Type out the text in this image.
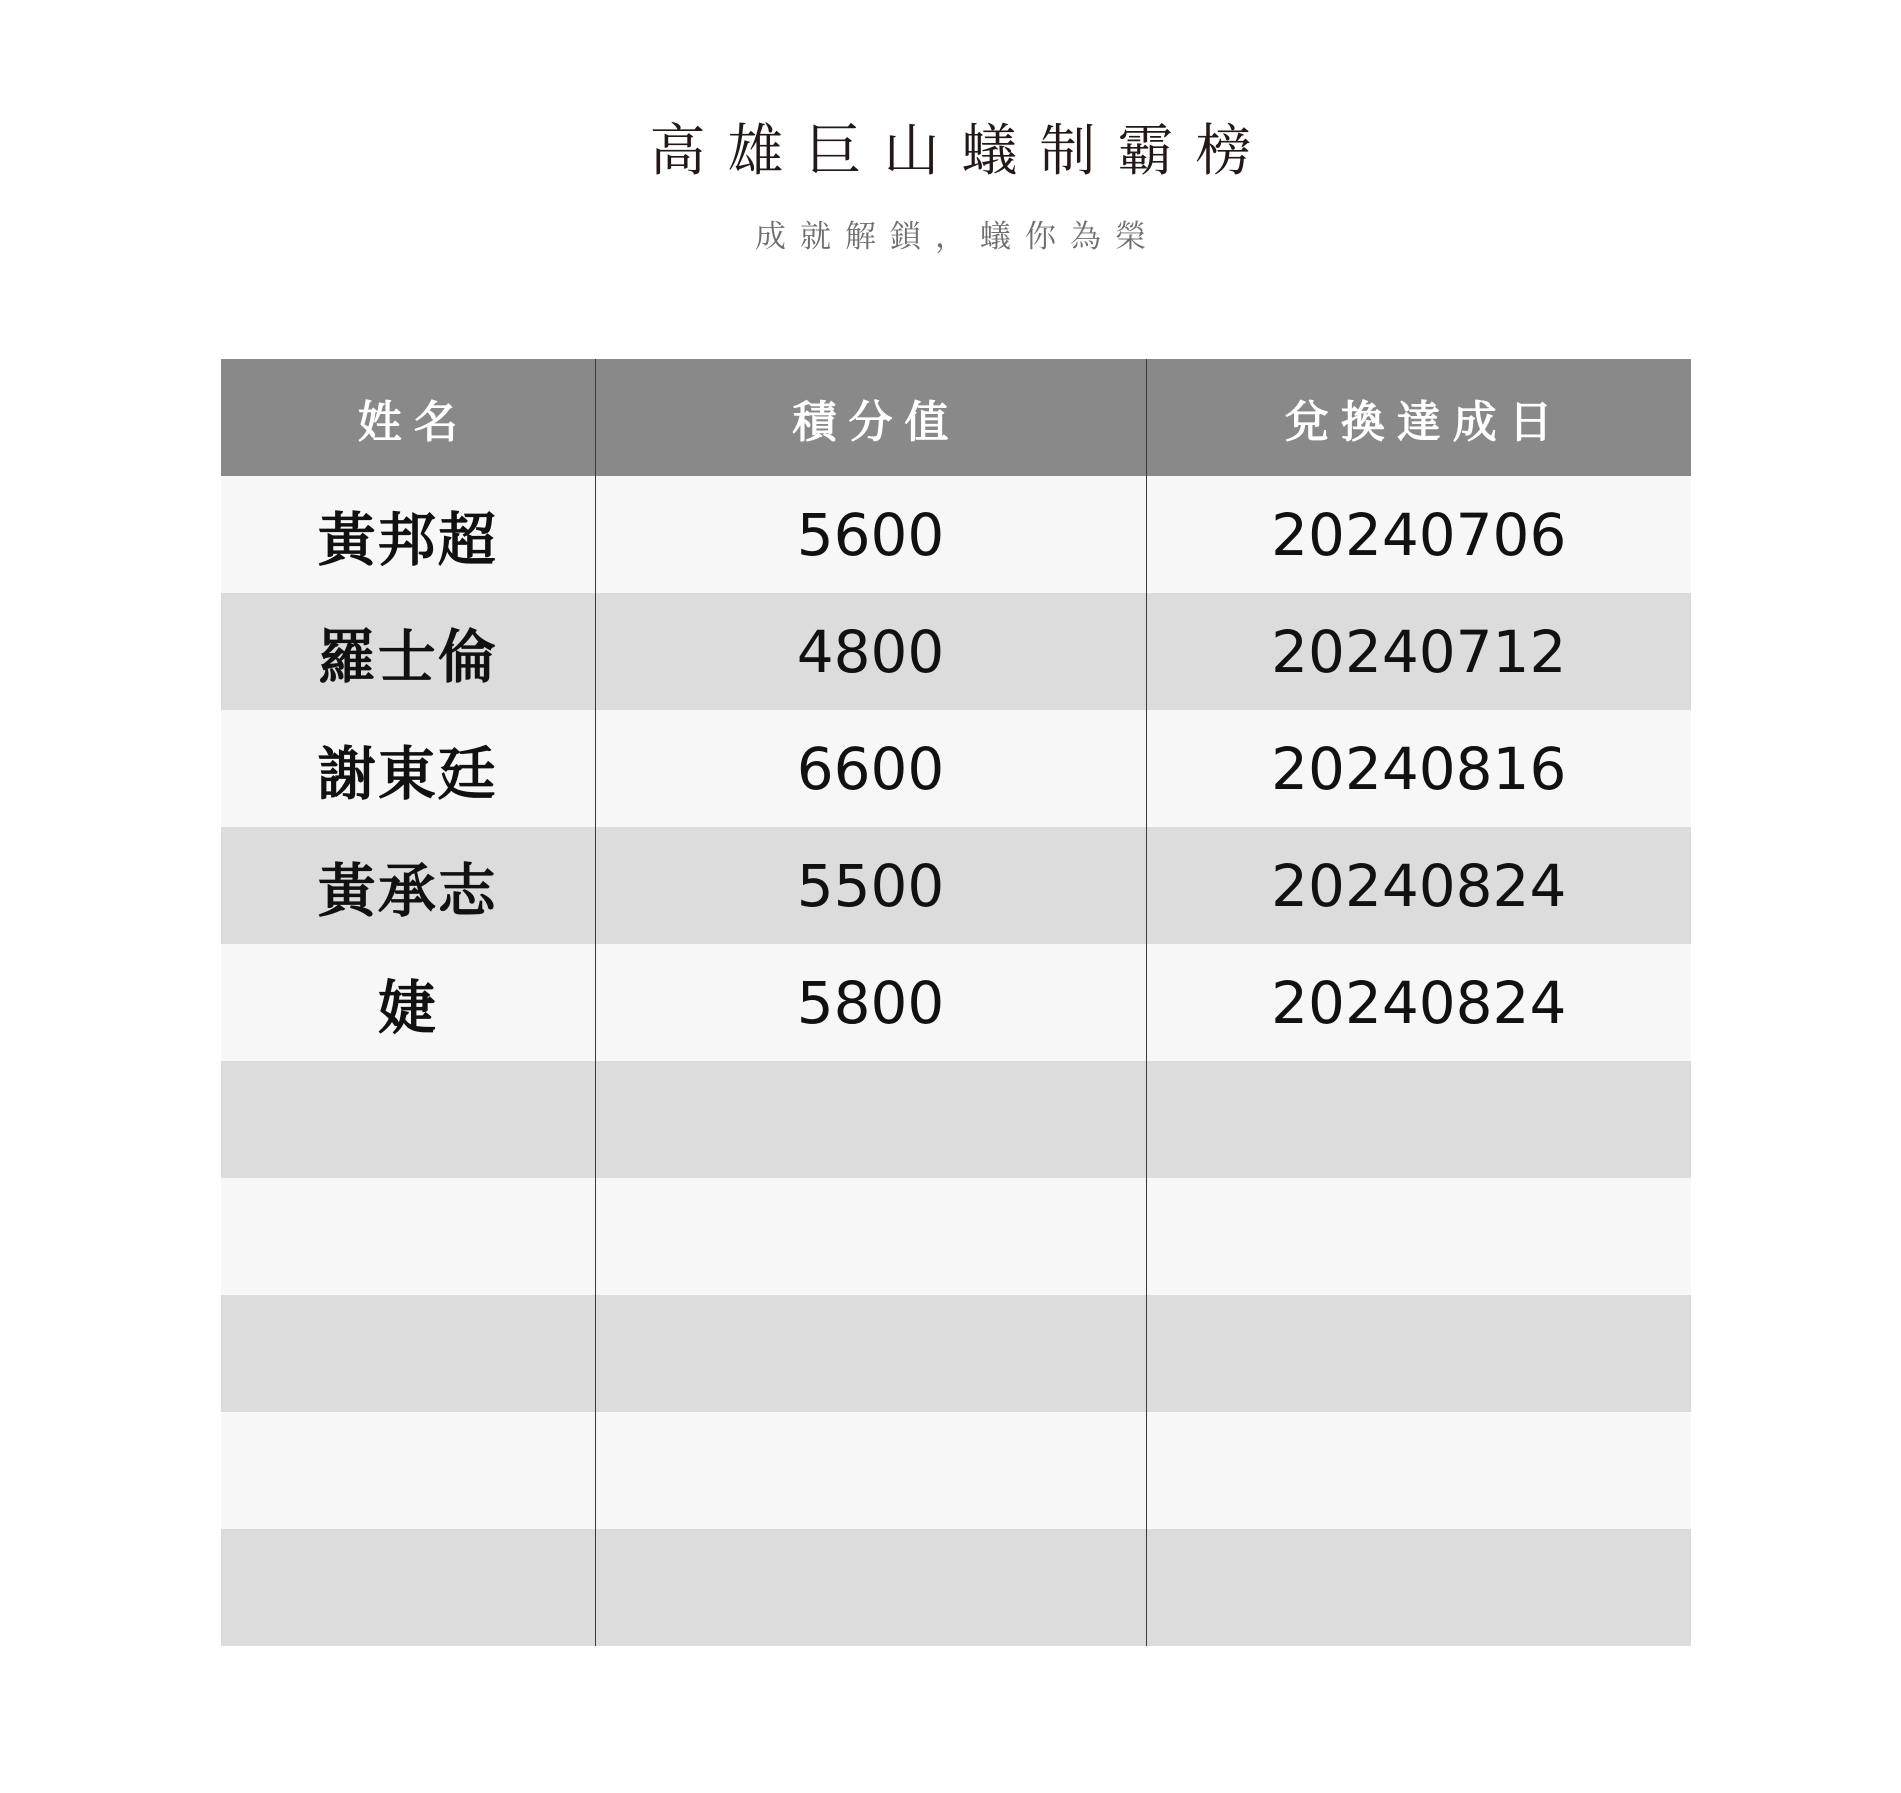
高雄巨山蟻制霸榜
成就解鎖，蟻你為榮
姓名	積分值	兌換達成日
黃邦超	5600	20240706
羅士倫	4800	20240712
謝東廷	6600	20240816
黃承志	5500	20240824
婕	5800	20240824
